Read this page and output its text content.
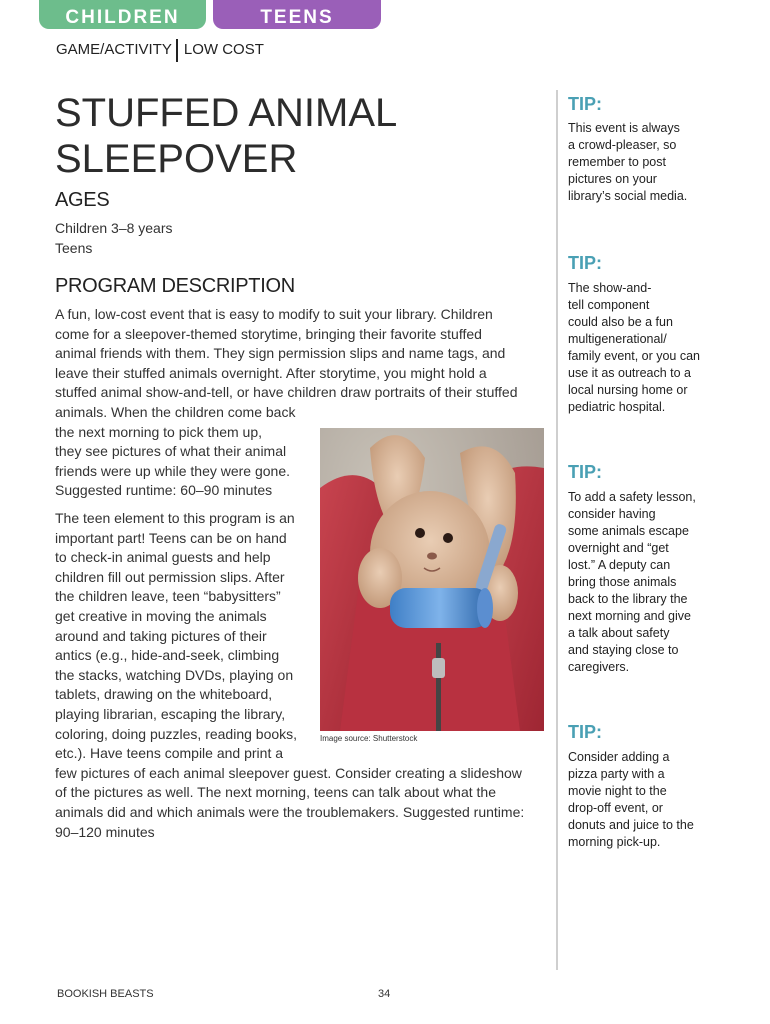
CHILDREN	TEENS
GAME/ACTIVITY LOW COST
STUFFED ANIMAL
SLEEPOVER
AGES
Children 3–8 years
Teens
PROGRAM DESCRIPTION
A fun, low-cost event that is easy to modify to suit your library. Children
come for a sleepover-themed storytime, bringing their favorite stuffed
animal friends with them. They sign permission slips and name tags, and
leave their stuffed animals overnight. After storytime, you might hold a
stuffed animal show-and-tell, or have children draw portraits of their stuffed
animals. When the children come back
the next morning to pick them up,
they see pictures of what their animal
friends were up while they were gone.
Suggested runtime: 60–90 minutes
The teen element to this program is an
important part! Teens can be on hand
to check-in animal guests and help
children fill out permission slips. After
the children leave, teen “babysitters”
get creative in moving the animals
around and taking pictures of their
antics (e.g., hide-and-seek, climbing
the stacks, watching DVDs, playing on
tablets, drawing on the whiteboard,
playing librarian, escaping the library,
coloring, doing puzzles, reading books,
etc.). Have teens compile and print a
few pictures of each animal sleepover guest. Consider creating a slideshow
of the pictures as well. The next morning, teens can talk about what the
animals did and which animals were the troublemakers. Suggested runtime:
90–120 minutes
Image source: Shutterstock
TIP:
This event is always
a crowd-pleaser, so
remember to post
pictures on your
library’s social media.
TIP:
The show-and-
tell component
could also be a fun
multigenerational/
family event, or you can
use it as outreach to a
local nursing home or
pediatric hospital.
TIP:
To add a safety lesson,
consider having
some animals escape
overnight and “get
lost.” A deputy can
bring those animals
back to the library the
next morning and give
a talk about safety
and staying close to
caregivers.
TIP:
Consider adding a
pizza party with a
movie night to the
drop-off event, or
donuts and juice to the
morning pick-up.
BOOKISH BEASTS	34
